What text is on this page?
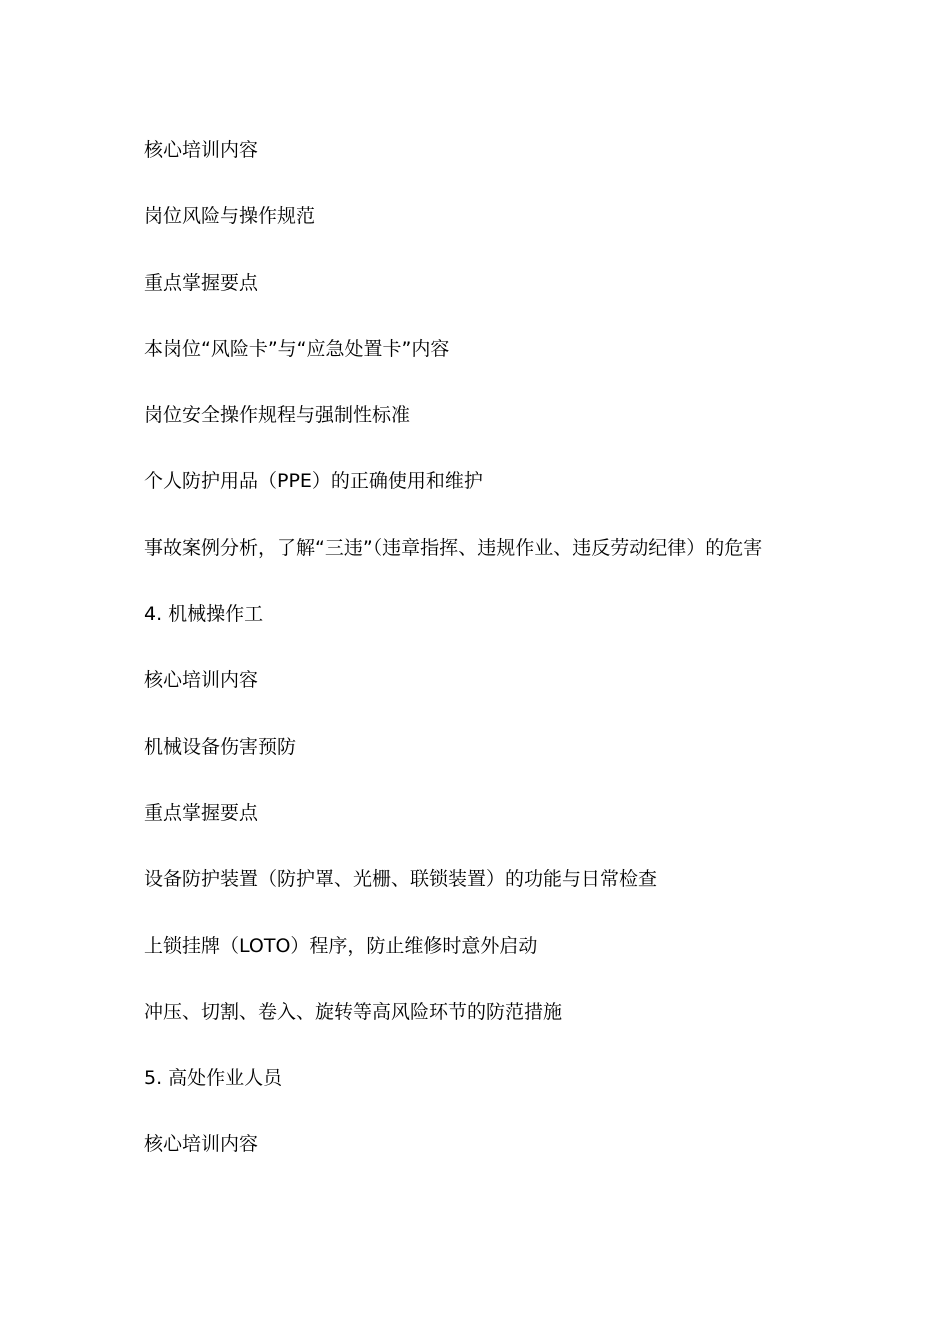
核心培训内容
岗位风险与操作规范
重点掌握要点
本岗位“风险卡”与“应急处置卡”内容
岗位安全操作规程与强制性标准
个人防护用品（PPE）的正确使用和维护
事故案例分析，了解“三违”（违章指挥、违规作业、违反劳动纪律）的危害
4. 机械操作工
核心培训内容
机械设备伤害预防
重点掌握要点
设备防护装置（防护罩、光栅、联锁装置）的功能与日常检查
上锁挂牌（LOTO）程序，防止维修时意外启动
冲压、切割、卷入、旋转等高风险环节的防范措施
5. 高处作业人员
核心培训内容
